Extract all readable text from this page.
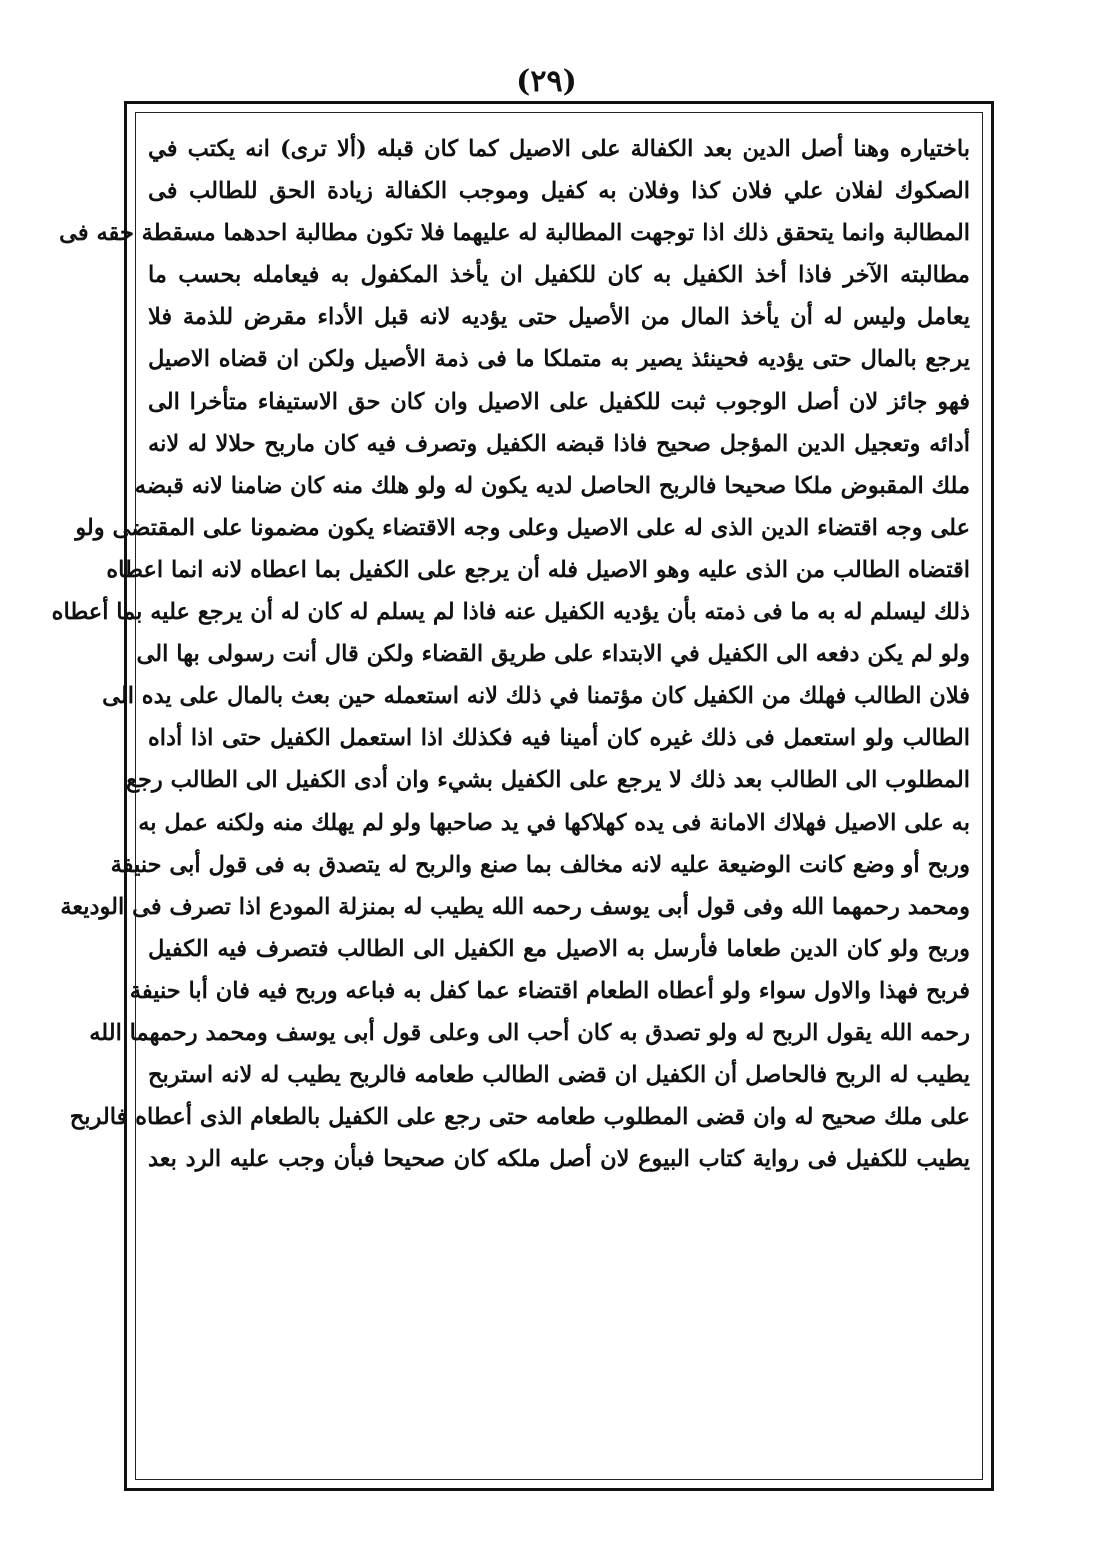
(٢٩)
باختياره وهنا أصل الدين بعد الكفالة على الاصيل كما كان قبله (ألا ترى) انه يكتب في
الصكوك لفلان علي فلان كذا وفلان به كفيل وموجب الكفالة زيادة الحق للطالب فى
المطالبة وانما يتحقق ذلك اذا توجهت المطالبة له عليهما فلا تكون مطالبة احدهما مسقطة حقه فى
مطالبته الآخر فاذا أخذ الكفيل به كان للكفيل ان يأخذ المكفول به فيعامله بحسب ما
يعامل وليس له أن يأخذ المال من الأصيل حتى يؤديه لانه قبل الأداء مقرض للذمة فلا
يرجع بالمال حتى يؤديه فحينئذ يصير به متملكا ما فى ذمة الأصيل ولكن ان قضاه الاصيل
فهو جائز لان أصل الوجوب ثبت للكفيل على الاصيل وان كان حق الاستيفاء متأخرا الى
أدائه وتعجيل الدين المؤجل صحيح فاذا قبضه الكفيل وتصرف فيه كان ماربح حلالا له لانه
ملك المقبوض ملكا صحيحا فالربح الحاصل لديه يكون له ولو هلك منه كان ضامنا لانه قبضه
على وجه اقتضاء الدين الذى له على الاصيل وعلى وجه الاقتضاء يكون مضمونا على المقتضى ولو
اقتضاه الطالب من الذى عليه وهو الاصيل فله أن يرجع على الكفيل بما اعطاه لانه انما اعطاه
ذلك ليسلم له به ما فى ذمته بأن يؤديه الكفيل عنه فاذا لم يسلم له كان له أن يرجع عليه بما أعطاه
ولو لم يكن دفعه الى الكفيل في الابتداء على طريق القضاء ولكن قال أنت رسولى بها الى
فلان الطالب فهلك من الكفيل كان مؤتمنا في ذلك لانه استعمله حين بعث بالمال على يده الى
الطالب ولو استعمل فى ذلك غيره كان أمينا فيه فكذلك اذا استعمل الكفيل حتى اذا أداه
المطلوب الى الطالب بعد ذلك لا يرجع على الكفيل بشيء وان أدى الكفيل الى الطالب رجع
به على الاصيل فهلاك الامانة فى يده كهلاكها في يد صاحبها ولو لم يهلك منه ولكنه عمل به
وربح أو وضع كانت الوضيعة عليه لانه مخالف بما صنع والربح له يتصدق به فى قول أبى حنيفة
ومحمد رحمهما الله وفى قول أبى يوسف رحمه الله يطيب له بمنزلة المودع اذا تصرف فى الوديعة
وربح ولو كان الدين طعاما فأرسل به الاصيل مع الكفيل الى الطالب فتصرف فيه الكفيل
فربح فهذا والاول سواء ولو أعطاه الطعام اقتضاء عما كفل به فباعه وربح فيه فان أبا حنيفة
رحمه الله يقول الربح له ولو تصدق به كان أحب الى وعلى قول أبى يوسف ومحمد رحمهما الله
يطيب له الربح فالحاصل أن الكفيل ان قضى الطالب طعامه فالربح يطيب له لانه استربح
على ملك صحيح له وان قضى المطلوب طعامه حتى رجع على الكفيل بالطعام الذى أعطاه فالربح
يطيب للكفيل فى رواية كتاب البيوع لان أصل ملكه كان صحيحا فبأن وجب عليه الرد بعد
